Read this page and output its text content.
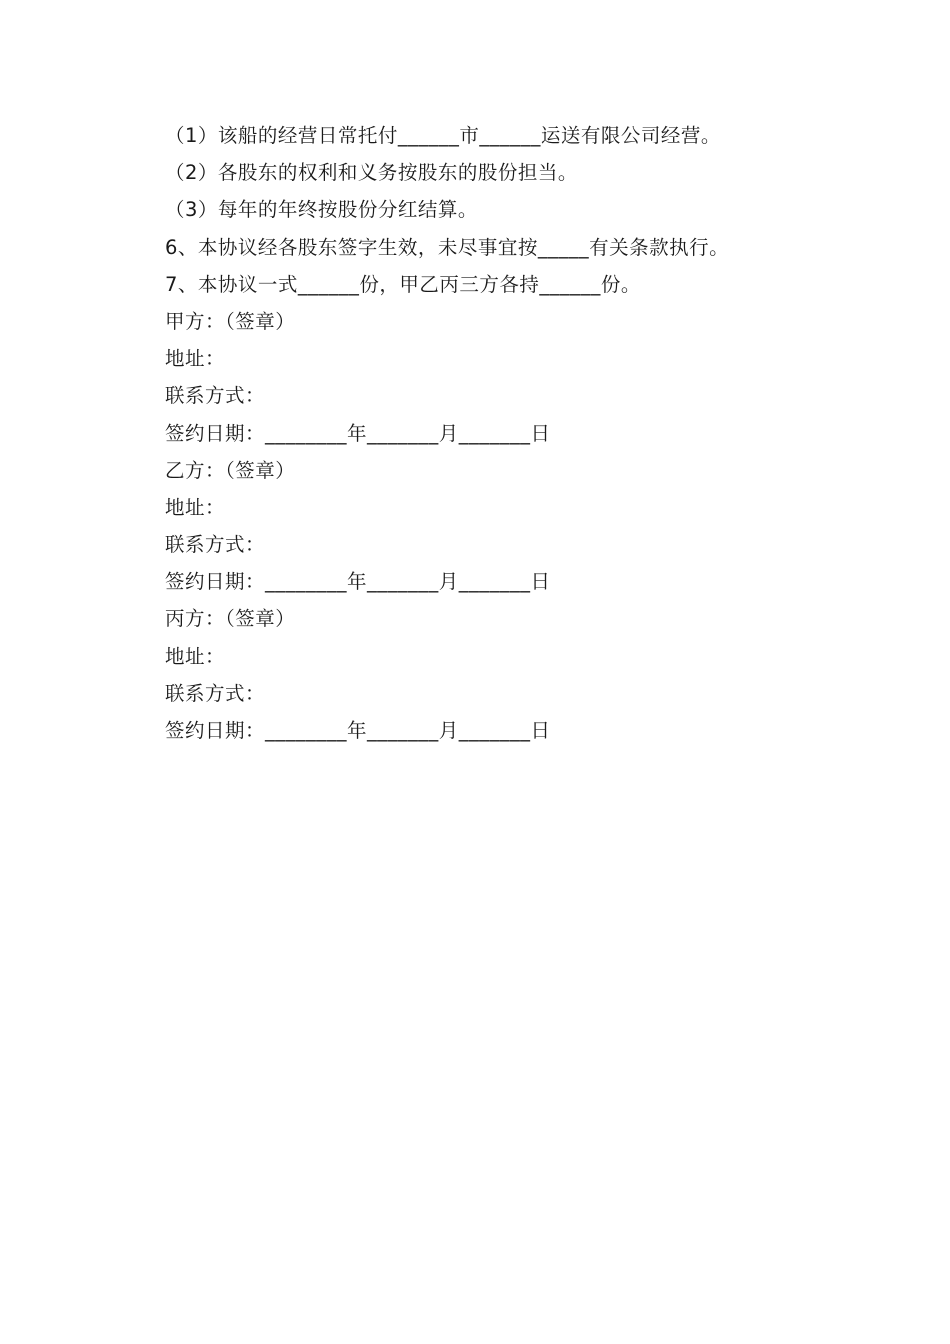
（1）该船的经营日常托付______市______运送有限公司经营。
（2）各股东的权利和义务按股东的股份担当。
（3）每年的年终按股份分红结算。
6、本协议经各股东签字生效，未尽事宜按_____有关条款执行。
7、本协议一式______份，甲乙丙三方各持______份。
甲方：（签章）
地址：
联系方式：
签约日期：________年_______月_______日
乙方：（签章）
地址：
联系方式：
签约日期：________年_______月_______日
丙方：（签章）
地址：
联系方式：
签约日期：________年_______月_______日
